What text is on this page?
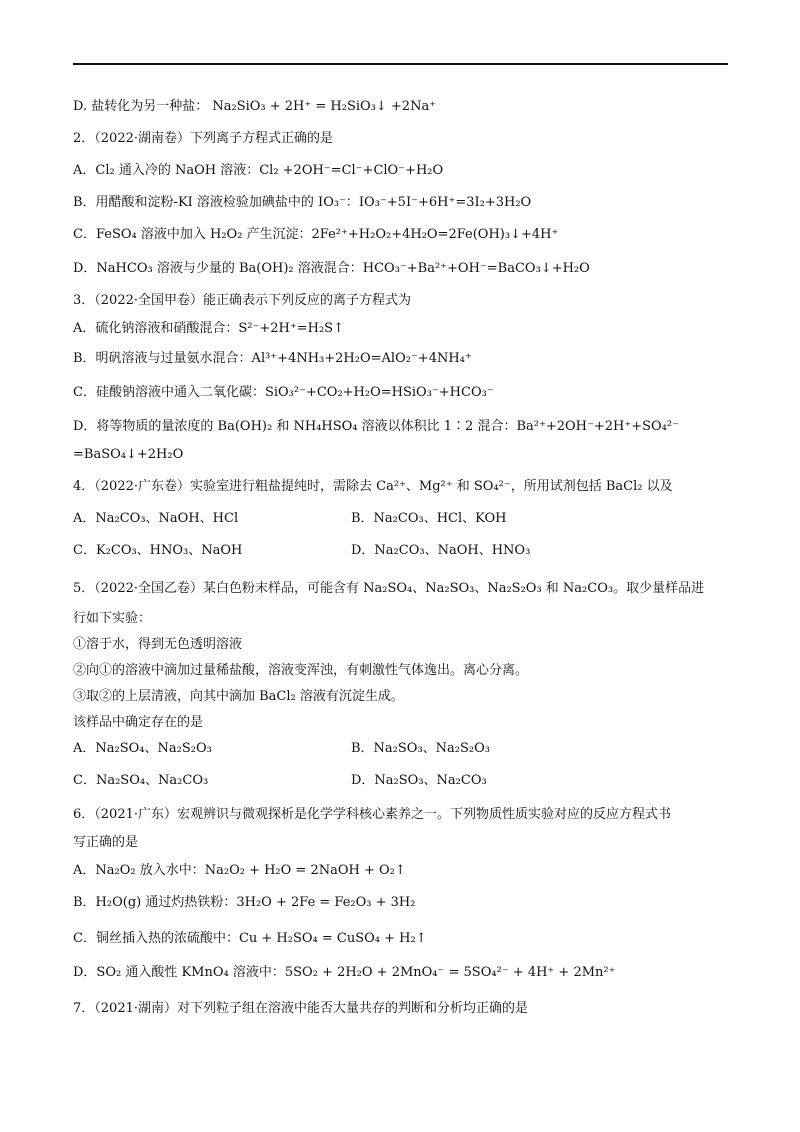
D. 盐转化为另一种盐： Na₂SiO₃ + 2H⁺ = H₂SiO₃↓ +2Na⁺
2．（2022·湖南卷）下列离子方程式正确的是
A．Cl₂ 通入冷的 NaOH 溶液：Cl₂ +2OH⁻=Cl⁻+ClO⁻+H₂O
B．用醋酸和淀粉-KI 溶液检验加碘盐中的 IO₃⁻：IO₃⁻+5I⁻+6H⁺=3I₂+3H₂O
C．FeSO₄ 溶液中加入 H₂O₂ 产生沉淀：2Fe²⁺+H₂O₂+4H₂O=2Fe(OH)₃↓+4H⁺
D．NaHCO₃ 溶液与少量的 Ba(OH)₂ 溶液混合：HCO₃⁻+Ba²⁺+OH⁻=BaCO₃↓+H₂O
3．（2022·全国甲卷）能正确表示下列反应的离子方程式为
A．硫化钠溶液和硝酸混合：S²⁻+2H⁺=H₂S↑
B．明矾溶液与过量氨水混合：Al³⁺+4NH₃+2H₂O=AlO₂⁻+4NH₄⁺
C．硅酸钠溶液中通入二氧化碳：SiO₃²⁻+CO₂+H₂O=HSiO₃⁻+HCO₃⁻
D．将等物质的量浓度的 Ba(OH)₂ 和 NH₄HSO₄ 溶液以体积比 1∶2 混合：Ba²⁺+2OH⁻+2H⁺+SO₄²⁻
=BaSO₄↓+2H₂O
4．（2022·广东卷）实验室进行粗盐提纯时，需除去 Ca²⁺、Mg²⁺ 和 SO₄²⁻，所用试剂包括 BaCl₂ 以及
A．Na₂CO₃、NaOH、HCl	B．Na₂CO₃、HCl、KOH
C．K₂CO₃、HNO₃、NaOH	D．Na₂CO₃、NaOH、HNO₃
5．（2022·全国乙卷）某白色粉末样品，可能含有 Na₂SO₄、Na₂SO₃、Na₂S₂O₃ 和 Na₂CO₃。取少量样品进
行如下实验：
①溶于水，得到无色透明溶液
②向①的溶液中滴加过量稀盐酸，溶液变浑浊，有刺激性气体逸出。离心分离。
③取②的上层清液，向其中滴加 BaCl₂ 溶液有沉淀生成。
该样品中确定存在的是
A．Na₂SO₄、Na₂S₂O₃	B．Na₂SO₃、Na₂S₂O₃
C．Na₂SO₄、Na₂CO₃	D．Na₂SO₃、Na₂CO₃
6．（2021·广东）宏观辨识与微观探析是化学学科核心素养之一。下列物质性质实验对应的反应方程式书
写正确的是
A．Na₂O₂ 放入水中：Na₂O₂ + H₂O = 2NaOH + O₂↑
B．H₂O(g) 通过灼热铁粉：3H₂O + 2Fe = Fe₂O₃ + 3H₂
C．铜丝插入热的浓硫酸中：Cu + H₂SO₄ = CuSO₄ + H₂↑
D．SO₂ 通入酸性 KMnO₄ 溶液中：5SO₂ + 2H₂O + 2MnO₄⁻ = 5SO₄²⁻ + 4H⁺ + 2Mn²⁺
7．（2021·湖南）对下列粒子组在溶液中能否大量共存的判断和分析均正确的是
